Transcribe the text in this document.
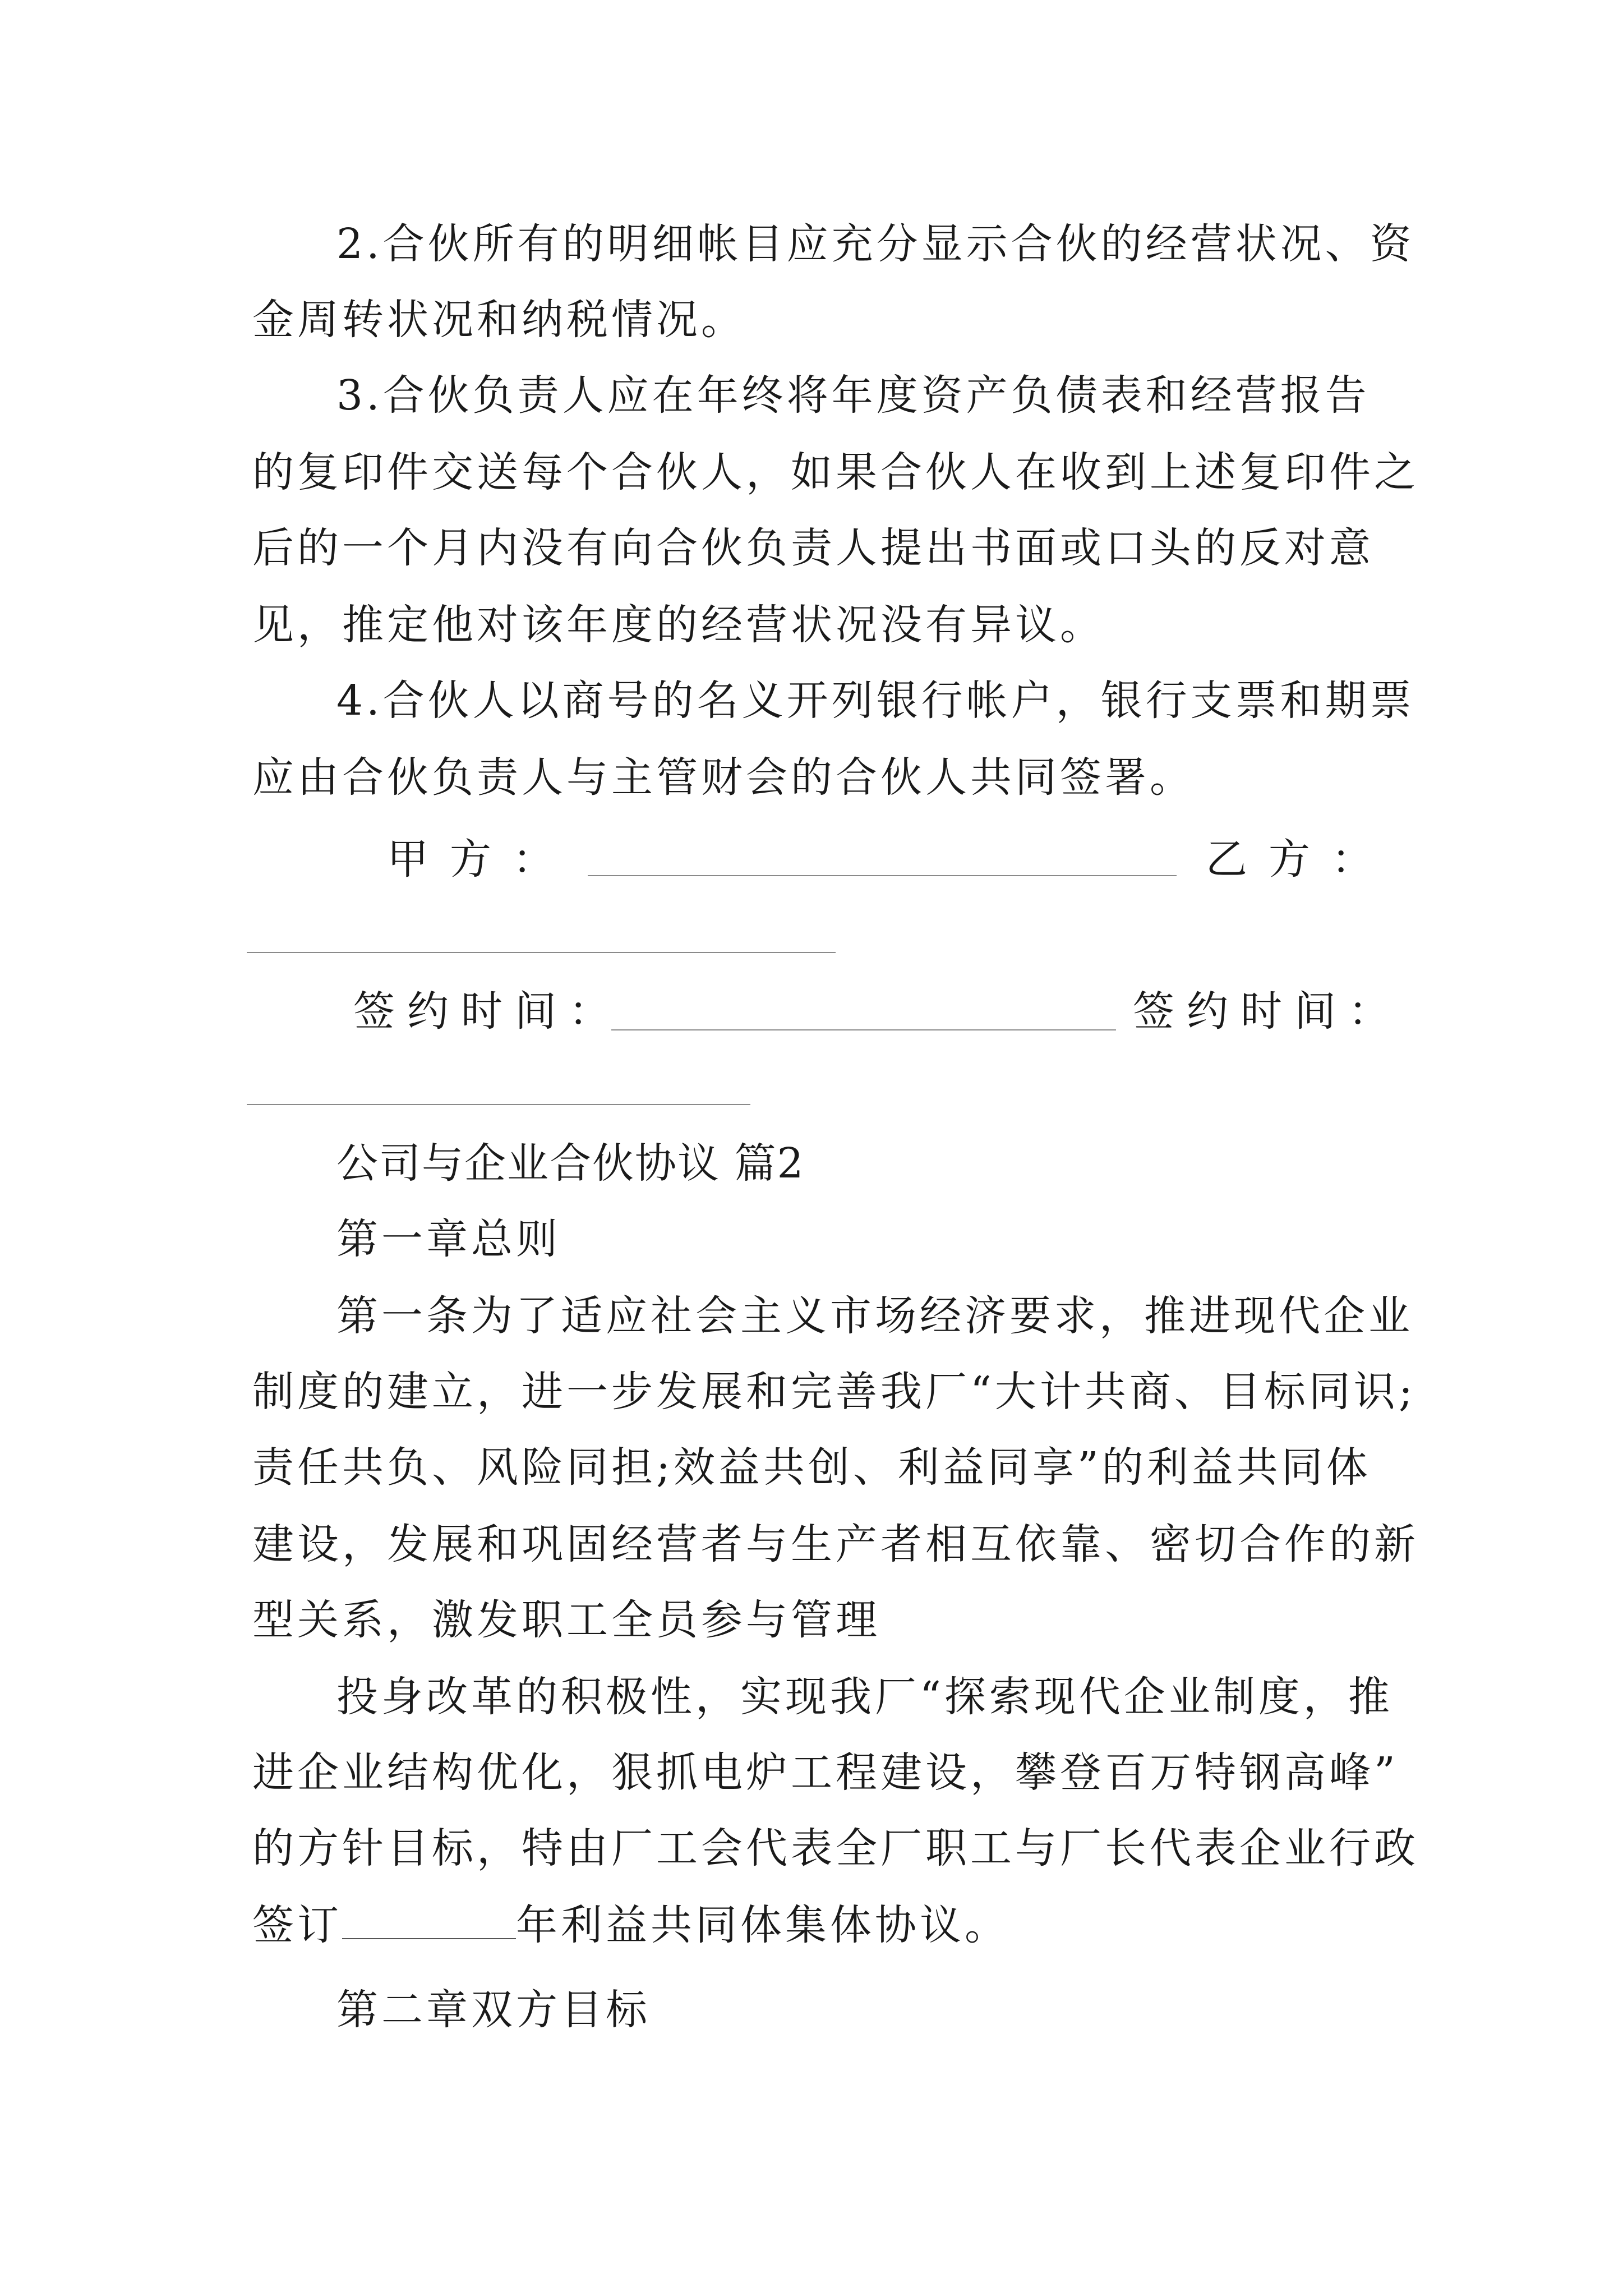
2.合伙所有的明细帐目应充分显示合伙的经营状况、资
金周转状况和纳税情况。
3.合伙负责人应在年终将年度资产负债表和经营报告
的复印件交送每个合伙人，如果合伙人在收到上述复印件之
后的一个月内没有向合伙负责人提出书面或口头的反对意
见，推定他对该年度的经营状况没有异议。
4.合伙人以商号的名义开列银行帐户，银行支票和期票
应由合伙负责人与主管财会的合伙人共同签署。
甲方：	乙方：
签约时间：	签约时间：
公司与企业合伙协议 篇2
第一章总则
第一条为了适应社会主义市场经济要求，推进现代企业
制度的建立，进一步发展和完善我厂“大计共商、目标同识;
责任共负、风险同担;效益共创、利益同享”的利益共同体
建设，发展和巩固经营者与生产者相互依靠、密切合作的新
型关系，激发职工全员参与管理
投身改革的积极性，实现我厂“探索现代企业制度，推
进企业结构优化，狠抓电炉工程建设，攀登百万特钢高峰”
的方针目标，特由厂工会代表全厂职工与厂长代表企业行政
签订	年利益共同体集体协议。
第二章双方目标
